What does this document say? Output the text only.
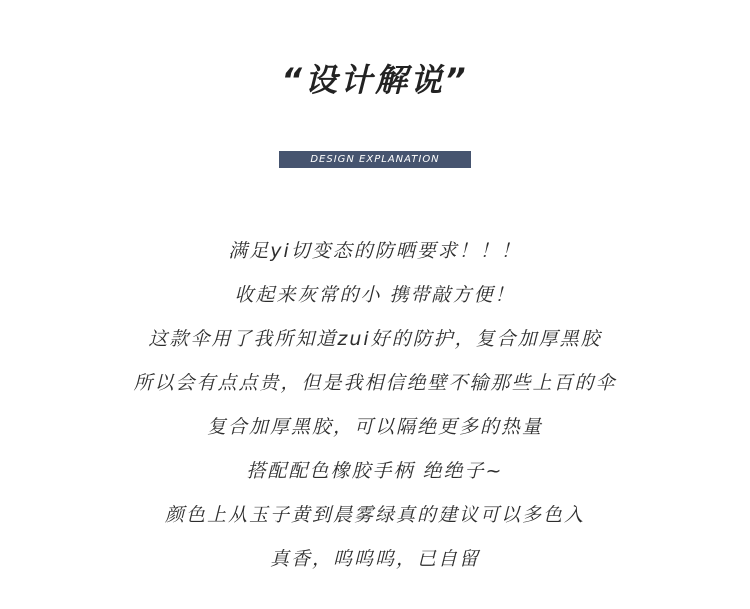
“设计解说”
DESIGN EXPLANATION
满足yi切变态的防晒要求！！！
收起来灰常的小 携带敲方便！
这款伞用了我所知道zui好的防护，复合加厚黑胶
所以会有点点贵，但是我相信绝壁不输那些上百的伞
复合加厚黑胶，可以隔绝更多的热量
搭配配色橡胶手柄 绝绝子~
颜色上从玉子黄到晨雾绿真的建议可以多色入
真香，呜呜呜，已自留
